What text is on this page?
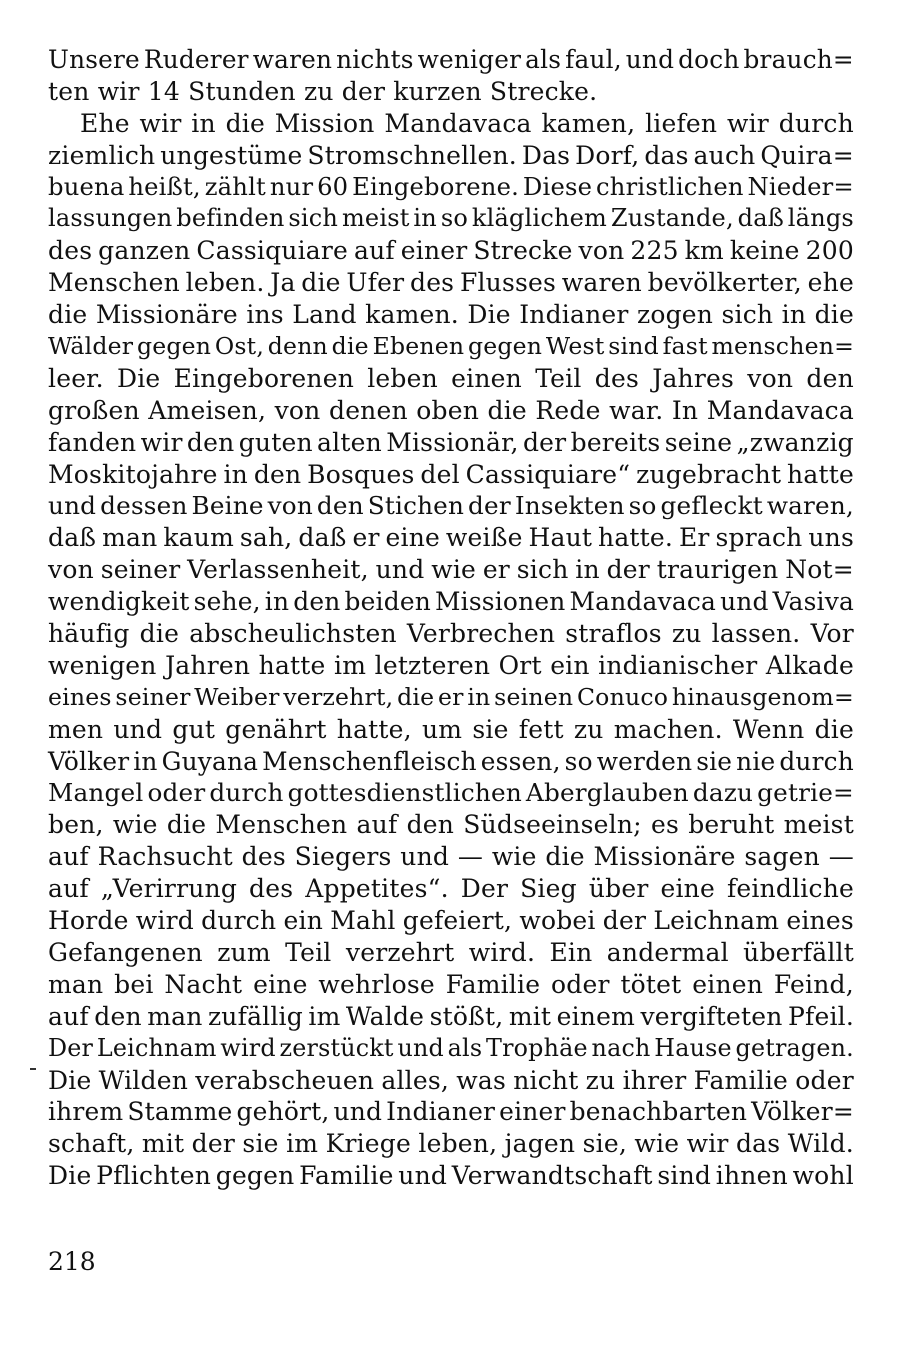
Unsere Ruderer waren nichts weniger als faul, und doch brauch=
ten wir 14 Stunden zu der kurzen Strecke.
Ehe wir in die Mission Mandavaca kamen, liefen wir durch
ziemlich ungestüme Stromschnellen. Das Dorf, das auch Quira=
buena heißt, zählt nur 60 Eingeborene. Diese christlichen Nieder=
lassungen befinden sich meist in so kläglichem Zustande, daß längs
des ganzen Cassiquiare auf einer Strecke von 225 km keine 200
Menschen leben. Ja die Ufer des Flusses waren bevölkerter, ehe
die Missionäre ins Land kamen. Die Indianer zogen sich in die
Wälder gegen Ost, denn die Ebenen gegen West sind fast menschen=
leer. Die Eingeborenen leben einen Teil des Jahres von den
großen Ameisen, von denen oben die Rede war. In Mandavaca
fanden wir den guten alten Missionär, der bereits seine „zwanzig
Moskitojahre in den Bosques del Cassiquiare“ zugebracht hatte
und dessen Beine von den Stichen der Insekten so gefleckt waren,
daß man kaum sah, daß er eine weiße Haut hatte. Er sprach uns
von seiner Verlassenheit, und wie er sich in der traurigen Not=
wendigkeit sehe, in den beiden Missionen Mandavaca und Vasiva
häufig die abscheulichsten Verbrechen straflos zu lassen. Vor
wenigen Jahren hatte im letzteren Ort ein indianischer Alkade
eines seiner Weiber verzehrt, die er in seinen Conuco hinausgenom=
men und gut genährt hatte, um sie fett zu machen. Wenn die
Völker in Guyana Menschenfleisch essen, so werden sie nie durch
Mangel oder durch gottesdienstlichen Aberglauben dazu getrie=
ben, wie die Menschen auf den Südseeinseln; es beruht meist
auf Rachsucht des Siegers und — wie die Missionäre sagen —
auf „Verirrung des Appetites“. Der Sieg über eine feindliche
Horde wird durch ein Mahl gefeiert, wobei der Leichnam eines
Gefangenen zum Teil verzehrt wird. Ein andermal überfällt
man bei Nacht eine wehrlose Familie oder tötet einen Feind,
auf den man zufällig im Walde stößt, mit einem vergifteten Pfeil.
Der Leichnam wird zerstückt und als Trophäe nach Hause getragen.
Die Wilden verabscheuen alles, was nicht zu ihrer Familie oder
ihrem Stamme gehört, und Indianer einer benachbarten Völker=
schaft, mit der sie im Kriege leben, jagen sie, wie wir das Wild.
Die Pflichten gegen Familie und Verwandtschaft sind ihnen wohl
218
